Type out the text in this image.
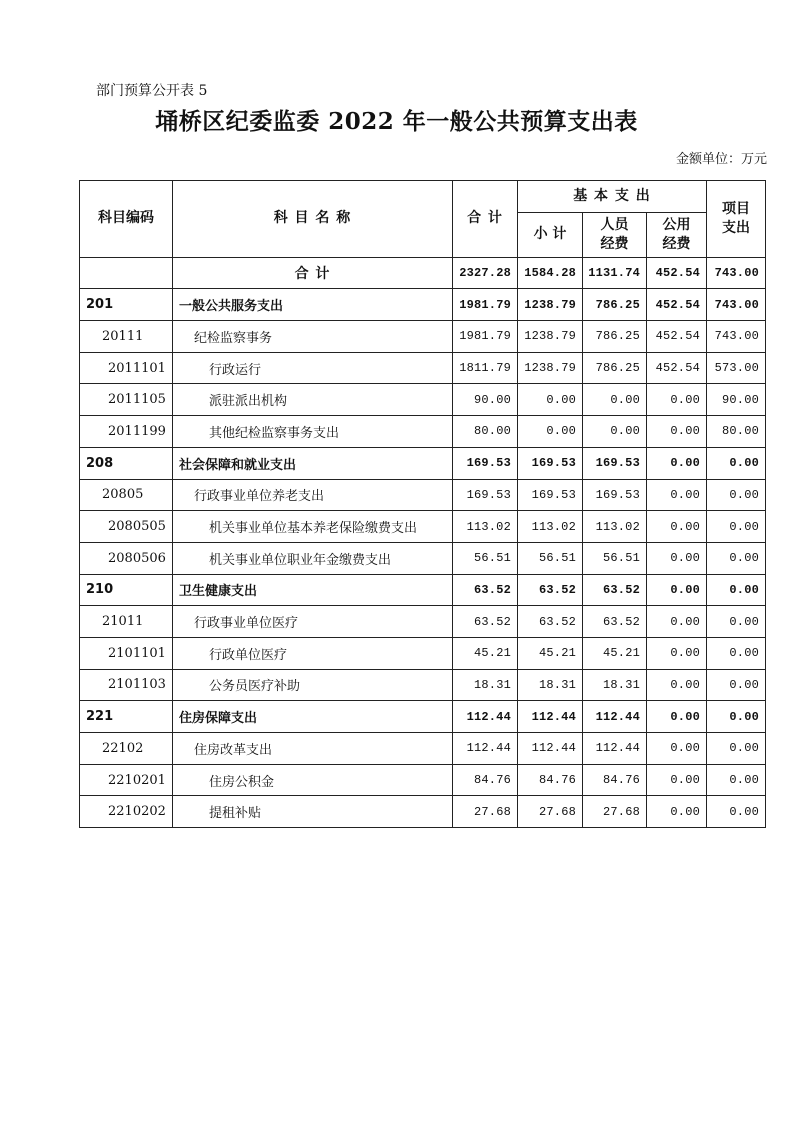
部门预算公开表 5
埇桥区纪委监委 2022 年一般公共预算支出表
金额单位：万元
科目编码	科 目 名 称	合 计	基 本 支 出			项目支出
			小 计	人员经费	公用经费	
	合 计	2327.28	1584.28	1131.74	452.54	743.00
201	一般公共服务支出	1981.79	1238.79	786.25	452.54	743.00
20111	纪检监察事务	1981.79	1238.79	786.25	452.54	743.00
2011101	行政运行	1811.79	1238.79	786.25	452.54	573.00
2011105	派驻派出机构	90.00	0.00	0.00	0.00	90.00
2011199	其他纪检监察事务支出	80.00	0.00	0.00	0.00	80.00
208	社会保障和就业支出	169.53	169.53	169.53	0.00	0.00
20805	行政事业单位养老支出	169.53	169.53	169.53	0.00	0.00
2080505	机关事业单位基本养老保险缴费支出	113.02	113.02	113.02	0.00	0.00
2080506	机关事业单位职业年金缴费支出	56.51	56.51	56.51	0.00	0.00
210	卫生健康支出	63.52	63.52	63.52	0.00	0.00
21011	行政事业单位医疗	63.52	63.52	63.52	0.00	0.00
2101101	行政单位医疗	45.21	45.21	45.21	0.00	0.00
2101103	公务员医疗补助	18.31	18.31	18.31	0.00	0.00
221	住房保障支出	112.44	112.44	112.44	0.00	0.00
22102	住房改革支出	112.44	112.44	112.44	0.00	0.00
2210201	住房公积金	84.76	84.76	84.76	0.00	0.00
2210202	提租补贴	27.68	27.68	27.68	0.00	0.00
